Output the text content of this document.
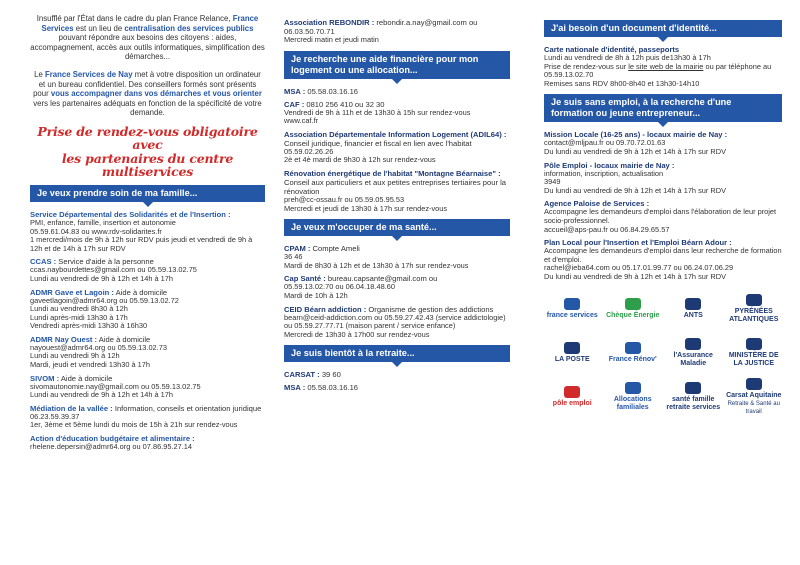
Insufflé par l'État dans le cadre du plan France Relance, France Services est un lieu de centralisation des services publics pouvant répondre aux besoins des citoyens : aides, accompagnement, accès aux outils informatiques, simplification des démarches...
Le France Services de Nay met à votre disposition un ordinateur et un bureau confidentiel. Des conseillers formés sont présents pour vous accompagner dans vos démarches et vous orienter vers les partenaires adéquats en fonction de la spécificité de votre demande.
Prise de rendez-vous obligatoire avec
les partenaires du centre multiservices
Je veux prendre soin de ma famille...
Service Départemental des Solidarités et de l'Insertion :
PMI, enfance, famille, insertion et autonomie
05.59.61.04.83 ou www.rdv-solidarites.fr
1 mercredi/mois de 9h à 12h sur RDV puis jeudi et vendredi de 9h à 12h et de 14h à 17h sur RDV
CCAS : Service d'aide à la personne
ccas.naybourdettes@gmail.com ou 05.59.13.02.75
Lundi au vendredi de 9h à 12h et 14h à 17h
ADMR Gave et Lagoin : Aide à domicile
gaveetlagoin@admr64.org ou 05.59.13.02.72
Lundi au vendredi 8h30 à 12h
Lundi après-midi 13h30 à 17h
Vendredi après-midi 13h30 à 16h30
ADMR Nay Ouest : Aide à domicile
nayouest@admr64.org ou 05.59.13.02.73
Lundi au vendredi 9h à 12h
Mardi, jeudi et vendredi 13h30 à 17h
SIVOM : Aide à domicile
sivomautonomie.nay@gmail.com ou 05.59.13.02.75
Lundi au vendredi de 9h à 12h et 14h à 17h
Médiation de la vallée : Information, conseils et orientation juridique
06.23.59.39.37
1er, 3ème et 5ème lundi du mois de 15h à 21h sur rendez-vous
Action d'éducation budgétaire et alimentaire :
rhelene.depersin@admr64.org ou 07.86.95.27.14
Association REBONDIR : rebondir.a.nay@gmail.com ou 06.03.50.70.71
Mercredi matin et jeudi matin
Je recherche une aide financière pour mon logement ou une allocation...
MSA : 05.58.03.16.16
CAF : 0810 256 410 ou 32 30
Vendredi de 9h à 11h et de 13h30 à 15h sur rendez-vous
www.caf.fr
Association Départementale Information Logement (ADIL64) : Conseil juridique, financier et fiscal en lien avec l'habitat
05.59.02.26.26
2è et 4è mardi de 9h30 à 12h sur rendez-vous
Rénovation énergétique de l'habitat "Montagne Béarnaise" : Conseil aux particuliers et aux petites entreprises tertiaires pour la rénovation
preh@cc-ossau.fr ou 05.59.05.95.53
Mercredi et jeudi de 13h30 à 17h sur rendez-vous
Je veux m'occuper de ma santé...
CPAM : Compte Ameli
36 46
Mardi de 8h30 à 12h et de 13h30 à 17h sur rendez-vous
Cap Santé : bureau.capsante@gmail.com ou
05.59.13.02.70 ou 06.04.18.48.60
Mardi de 10h à 12h
CEID Béarn addiction : Organisme de gestion des addictions
bearn@ceid-addiction.com ou 05.59.27.42.43 (service addictologie) ou 05.59.27.77.71 (maison parent / service enfance)
Mercredi de 13h30 à 17h00 sur rendez-vous
Je suis bientôt à la retraite...
CARSAT : 39 60
MSA : 05.58.03.16.16
J'ai besoin d'un document d'identité...
Carte nationale d'identité, passeports
Lundi au vendredi de 8h à 12h puis de13h30 à 17h
Prise de rendez-vous sur le site web de la mairie ou par téléphone au 05.59.13.02.70
Remises sans RDV 8h00-8h40 et 13h30-14h10
Je suis sans emploi, à la recherche d'une formation ou jeune entrepreneur...
Mission Locale (16-25 ans) - locaux mairie de Nay :
contact@mljpau.fr ou 09.70.72.01.63
Du lundi au vendredi de 9h à 12h et 14h à 17h sur RDV
Pôle Emploi - locaux mairie de Nay :
information, inscription, actualisation
3949
Du lundi au vendredi de 9h à 12h et 14h à 17h sur RDV
Agence Paloise de Services :
Accompagne les demandeurs d'emploi dans l'élaboration de leur projet socio-professionnel.
accueil@aps-pau.fr ou 06.84.29.65.57
Plan Local pour l'Insertion et l'Emploi Béarn Adour :
Accompagne les demandeurs d'emploi dans leur recherche de formation et d'emploi.
rachel@ieba64.com ou 05.17.01.99.77 ou 06.24.07.06.29
Du lundi au vendredi de 9h à 12h et 14h à 17h sur RDV
france services Chèque Énergie	ANTS
PYRÉNÉES ATLANTIQUES
LA POSTE	France Rénov'
l'Assurance Maladie
MINISTÈRE DE LA JUSTICE
pôle emploi
Allocations familiales
santé famille retraite services
Carsat Aquitaine
Retraite & Santé au travail
